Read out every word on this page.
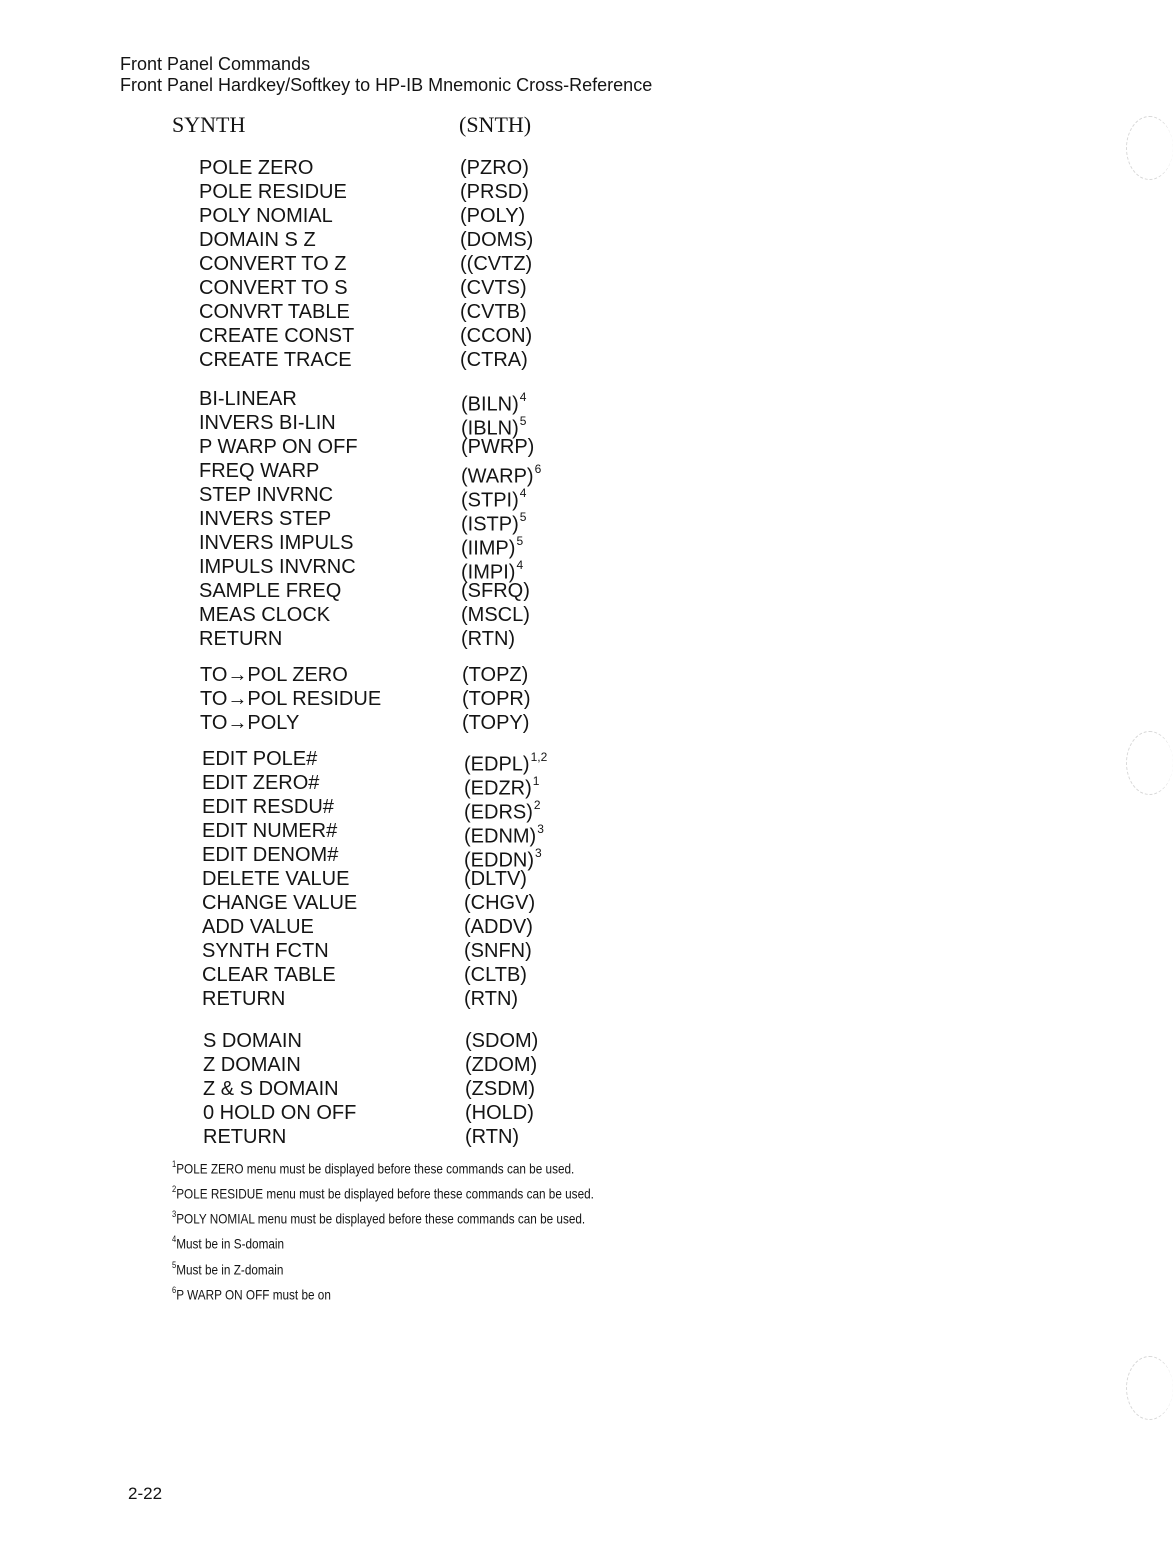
Front Panel Commands
Front Panel Hardkey/Softkey to HP-IB Mnemonic Cross-Reference
SYNTH	(SNTH)
POLE ZERO	(PZRO)
POLE RESIDUE	(PRSD)
POLY NOMIAL	(POLY)
DOMAIN S Z	(DOMS)
CONVERT TO Z	((CVTZ)
CONVERT TO S	(CVTS)
CONVRT TABLE	(CVTB)
CREATE CONST	(CCON)
CREATE TRACE	(CTRA)
BI-LINEAR	(BILN)$^4$
INVERS BI-LIN	(IBLN)$^5$
P WARP ON OFF	(PWRP)
FREQ WARP	(WARP)$^6$
STEP INVRNC	(STPI)$^4$
INVERS STEP	(ISTP)$^5$
INVERS IMPULS	(IIMP)$^5$
IMPULS INVRNC	(IMPI)$^4$
SAMPLE FREQ	(SFRQ)
MEAS CLOCK	(MSCL)
RETURN	(RTN)
TO→POL ZERO	(TOPZ)
TO→POL RESIDUE	(TOPR)
TO→POLY	(TOPY)
EDIT POLE#	(EDPL)$^{1,2}$
EDIT ZERO#	(EDZR)$^1$
EDIT RESDU#	(EDRS)$^2$
EDIT NUMER#	(EDNM)$^3$
EDIT DENOM#	(EDDN)$^3$
DELETE VALUE	(DLTV)
CHANGE VALUE	(CHGV)
ADD VALUE	(ADDV)
SYNTH FCTN	(SNFN)
CLEAR TABLE	(CLTB)
RETURN	(RTN)
S DOMAIN	(SDOM)
Z DOMAIN	(ZDOM)
Z & S DOMAIN	(ZSDM)
0 HOLD ON OFF	(HOLD)
RETURN	(RTN)
$^1$POLE ZERO menu must be displayed before these commands can be used.
$^2$POLE RESIDUE menu must be displayed before these commands can be used.
$^3$POLY NOMIAL menu must be displayed before these commands can be used.
$^4$Must be in S-domain
$^5$Must be in Z-domain
$^6$P WARP ON OFF must be on
2-22
